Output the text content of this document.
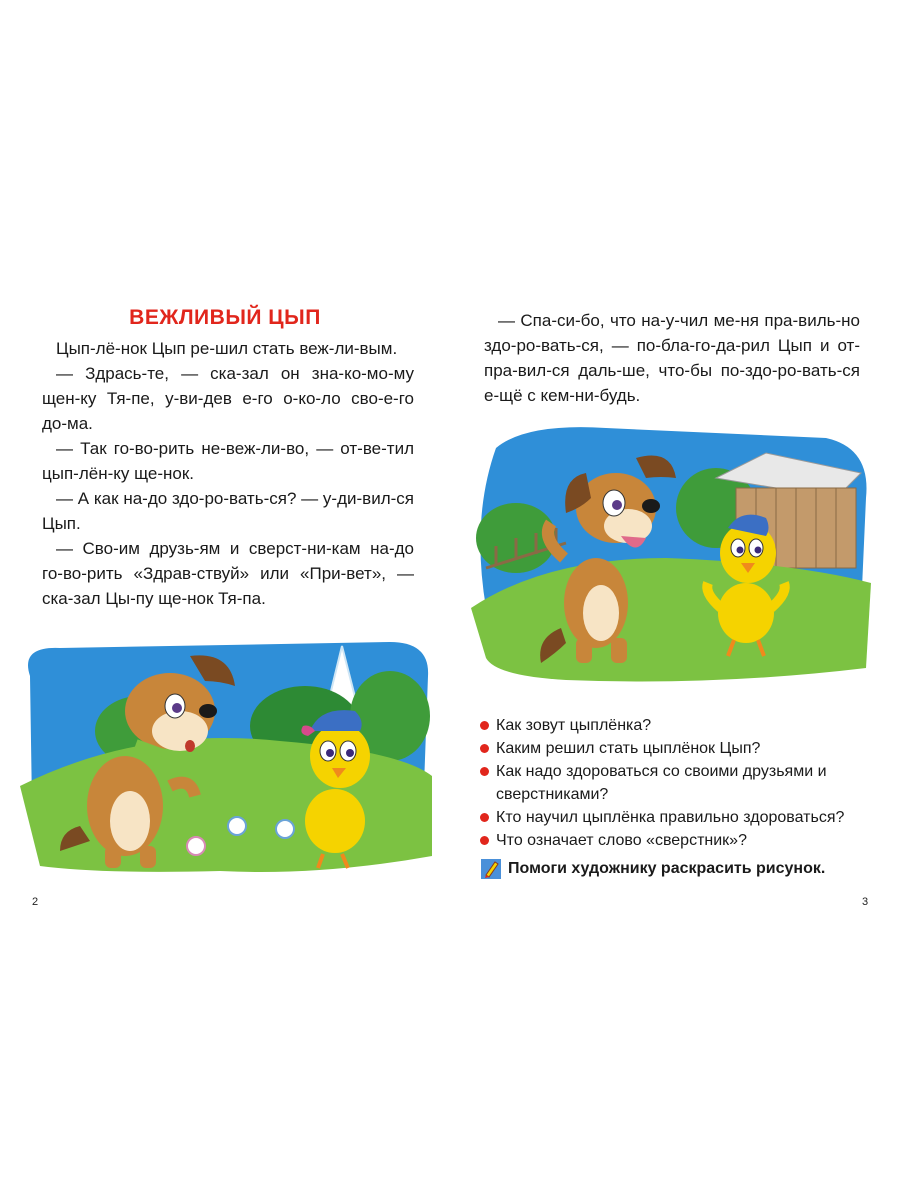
ВЕЖЛИВЫЙ ЦЫП

Цып-лё-нок Цып ре-шил стать веж-ли-вым.

— Здрась-те, — ска-зал он зна-ко-мо-му щен-ку Тя-пе, у-ви-дев е-го о-ко-ло сво-е-го до-ма.

— Так го-во-рить не-веж-ли-во, — от-ве-тил цып-лён-ку ще-нок.

— А как на-до здо-ро-вать-ся? — у-ди-вил-ся Цып.

— Сво-им друзь-ям и сверст-ни-кам на-до го-во-рить «Здрав-ствуй» или «При-вет», — ска-зал Цы-пу ще-нок Тя-па.

2

— Спа-си-бо, что на-у-чил ме-ня пра-виль-но здо-ро-вать-ся, — по-бла-го-да-рил Цып и от-пра-вил-ся даль-ше, что-бы по-здо-ро-вать-ся е-щё с кем-ни-будь.

Как зовут цыплёнка?
Каким решил стать цыплёнок Цып?
Как надо здороваться со своими друзьями и сверстниками?
Кто научил цыплёнка правильно здороваться?
Что означает слово «сверстник»?
Помоги художнику раскрасить рисунок.
3
